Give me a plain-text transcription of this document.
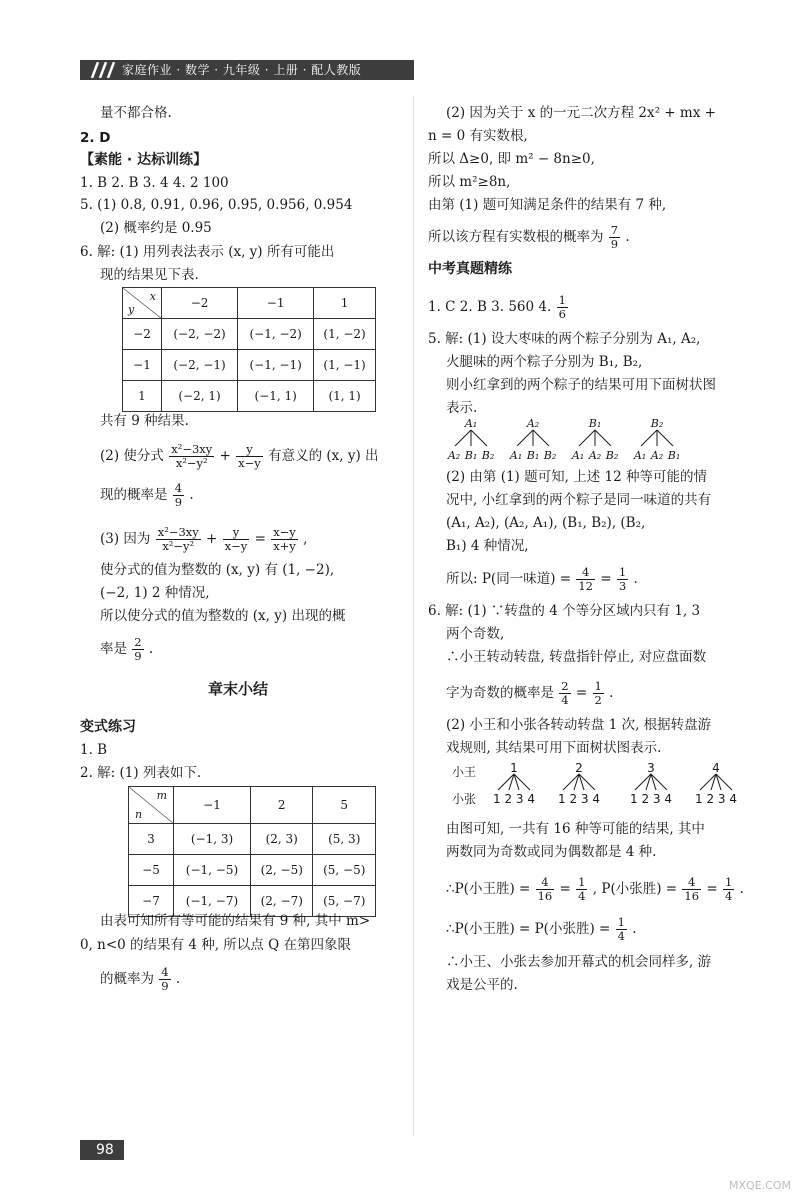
家庭作业 · 数学 · 九年级 · 上册 · 配人教版
量不都合格.
2. D
【素能 · 达标训练】
1. B 2. B 3. 4 4. 2 100
5. (1) 0.8, 0.91, 0.96, 0.95, 0.956, 0.954
(2) 概率约是 0.95
6. 解: (1) 用列表法表示 (x, y) 所有可能出
现的结果见下表.
x
y	−2	−1	1
−2	(−2, −2)	(−1, −2)	(1, −2)
−1	(−2, −1)	(−1, −1)	(1, −1)
1	(−2, 1)	(−1, 1)	(1, 1)
共有 9 种结果.
(2) 使分式 $\frac{\text{x²−3xy}}{\text{x²−y²}} + \frac{y}{x-y}$ 有意义的 (x, y) 出
现的概率是 $\frac{4}{9}$ .
(3) 因为 $\frac{\text{x²−3xy}}{\text{x²−y²}} + \frac{y}{x-y} = \frac{x-y}{x+y}$ ,
使分式的值为整数的 (x, y) 有 (1, −2),
(−2, 1) 2 种情况,
所以使分式的值为整数的 (x, y) 出现的概
率是 $\frac{2}{9}$ .
章末小结
变式练习
1. B
2. 解: (1) 列表如下.
m
n	−1	2	5
3	(−1, 3)	(2, 3)	(5, 3)
−5	(−1, −5)	(2, −5)	(5, −5)
−7	(−1, −7)	(2, −7)	(5, −7)
由表可知所有等可能的结果有 9 种, 其中 m>
0, n<0 的结果有 4 种, 所以点 Q 在第四象限
的概率为 $\frac{4}{9}$ .
(2) 因为关于 x 的一元二次方程 2x² + mx +
n = 0 有实数根,
所以 Δ≥0, 即 m² − 8n≥0,
所以 m²≥8n,
由第 (1) 题可知满足条件的结果有 7 种,
所以该方程有实数根的概率为 $\frac{7}{9}$ .
中考真题精练
1. C 2. B 3. 560 4. $\frac{1}{6}$
5. 解: (1) 设大枣味的两个粽子分别为 A₁, A₂,
火腿味的两个粽子分别为 B₁, B₂,
则小红拿到的两个粽子的结果可用下面树状图
表示.
A₁	A₂	B₁	B₂
A₂ B₁ B₂ A₁ B₁ B₂ A₁ A₂ B₂ A₁ A₂ B₁
(2) 由第 (1) 题可知, 上述 12 种等可能的情
况中, 小红拿到的两个粽子是同一味道的共有
(A₁, A₂), (A₂, A₁), (B₁, B₂), (B₂,
B₁) 4 种情况,
所以: P(同一味道) = $\frac{4}{12} = \frac{1}{3}$ .
6. 解: (1) ∵转盘的 4 个等分区域内只有 1, 3
两个奇数,
∴小王转动转盘, 转盘指针停止, 对应盘面数
字为奇数的概率是 $\frac{2}{4} = \frac{1}{2}$ .
(2) 小王和小张各转动转盘 1 次, 根据转盘游
戏规则, 其结果可用下面树状图表示.
小王
小张
1	2	3	4
1 2 3 4 1 2 3 4	1 2 3 4 1 2 3 4
由图可知, 一共有 16 种等可能的结果, 其中
两数同为奇数或同为偶数都是 4 种.
∴P(小王胜) = $\frac{4}{16} = \frac{1}{4}$ , P(小张胜) = $\frac{4}{16} = \frac{1}{4}$ .
∴P(小王胜) = P(小张胜) = $\frac{1}{4}$ .
∴小王、小张去参加开幕式的机会同样多, 游
戏是公平的.
98
MXQE.COM
